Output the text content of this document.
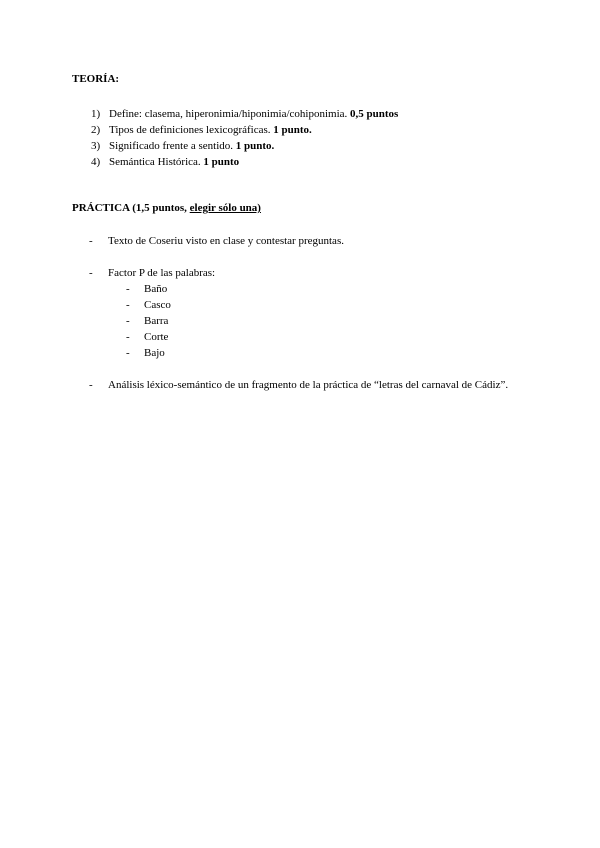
TEORÍA:
1) Define: clasema, hiperonimia/hiponimia/cohiponimia. 0,5 puntos
2) Tipos de definiciones lexicográficas. 1 punto.
3) Significado frente a sentido. 1 punto.
4) Semántica Histórica. 1 punto
PRÁCTICA (1,5 puntos, elegir sólo una)
- Texto de Coseriu visto en clase y contestar preguntas.
- Factor P de las palabras:
- Baño
- Casco
- Barra
- Corte
- Bajo
- Análisis léxico-semántico de un fragmento de la práctica de “letras del carnaval de Cádiz”.
